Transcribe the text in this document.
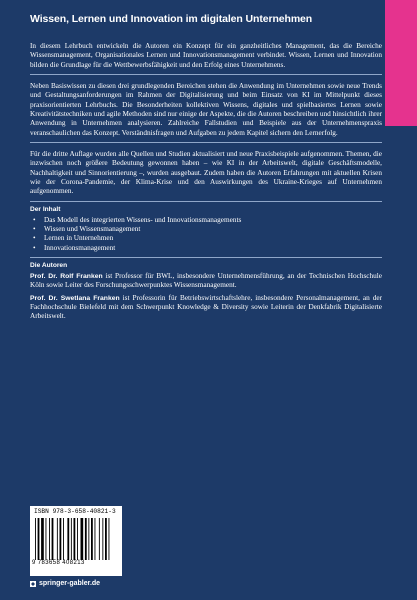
Wissen, Lernen und Innovation im digitalen Unternehmen

In diesem Lehrbuch entwickeln die Autoren ein Konzept für ein ganzheitliches Management, das die Bereiche Wissensmanagement, Organisationales Lernen und Innovationsmanagement verbindet. Wissen, Lernen und Innovation bilden die Grundlage für die Wettbewerbsfähigkeit und den Erfolg eines Unternehmens.

Neben Basiswissen zu diesen drei grundlegenden Bereichen stehen die Anwendung im Unternehmen sowie neue Trends und Gestaltungsanforderungen im Rahmen der Digitalisierung und beim Einsatz von KI im Mittelpunkt dieses praxisorientierten Lehrbuchs. Die Besonderheiten kollektiven Wissens, digitales und spielbasiertes Lernen sowie Kreativitätstechniken und agile Methoden sind nur einige der Aspekte, die die Autoren beschreiben und hinsichtlich ihrer Anwendung in Unternehmen analysieren. Zahlreiche Fallstudien und Beispiele aus der Unternehmenspraxis veranschaulichen das Konzept. Verständnisfragen und Aufgaben zu jedem Kapitel sichern den Lernerfolg.

Für die dritte Auflage wurden alle Quellen und Studien aktualisiert und neue Praxisbeispiele aufgenommen. Themen, die inzwischen noch größere Bedeutung gewonnen haben – wie KI in der Arbeitswelt, digitale Geschäftsmodelle, Nachhaltigkeit und Sinnorientierung –, wurden ausgebaut. Zudem haben die Autoren Erfahrungen mit aktuellen Krisen wie der Corona-Pandemie, der Klima-Krise und den Auswirkungen des Ukraine-Krieges auf Unternehmen aufgenommen.

Der Inhalt
• Das Modell des integrierten Wissens- und Innovationsmanagements
• Wissen und Wissensmanagement
• Lernen in Unternehmen
• Innovationsmanagement
Die Autoren

Prof. Dr. Rolf Franken ist Professor für BWL, insbesondere Unternehmensführung, an der Technischen Hochschule Köln sowie Leiter des Forschungsschwerpunktes Wissensmanagement.

Prof. Dr. Swetlana Franken ist Professorin für Betriebswirtschaftslehre, insbesondere Personalmanagement, an der Fachhochschule Bielefeld mit dem Schwerpunkt Knowledge & Diversity sowie Leiterin der Denkfabrik Digitalisierte Arbeitswelt.

ISBN 978-3-658-40821-3
9 783658 408213
springer-gabler.de
